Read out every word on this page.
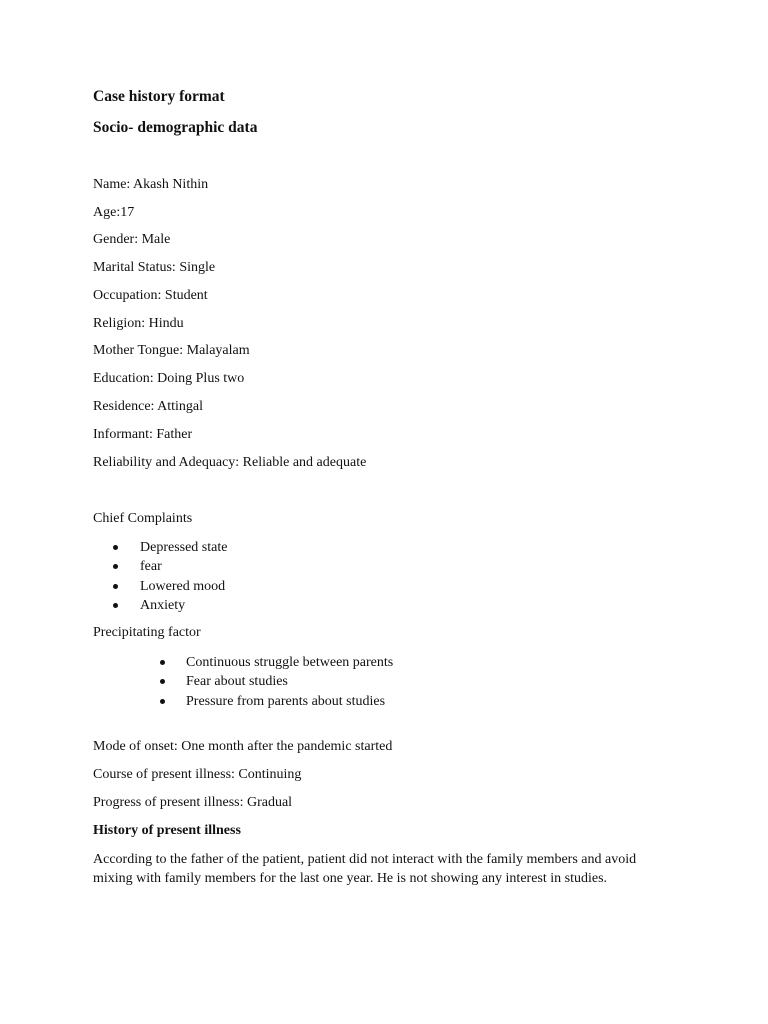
Case history format
Socio- demographic data
Name: Akash Nithin
Age:17
Gender: Male
Marital Status: Single
Occupation: Student
Religion: Hindu
Mother Tongue: Malayalam
Education: Doing Plus two
Residence: Attingal
Informant: Father
Reliability and Adequacy: Reliable and adequate
Chief Complaints
Depressed state
fear
Lowered mood
Anxiety
Precipitating factor
Continuous struggle between parents
Fear about studies
Pressure from parents about studies
Mode of onset: One month after the pandemic started
Course of present illness: Continuing
Progress of present illness: Gradual
History of present illness
According to the father of the patient, patient did not interact with the family members and avoid mixing with family members for the last one year. He is not showing any interest in studies.
